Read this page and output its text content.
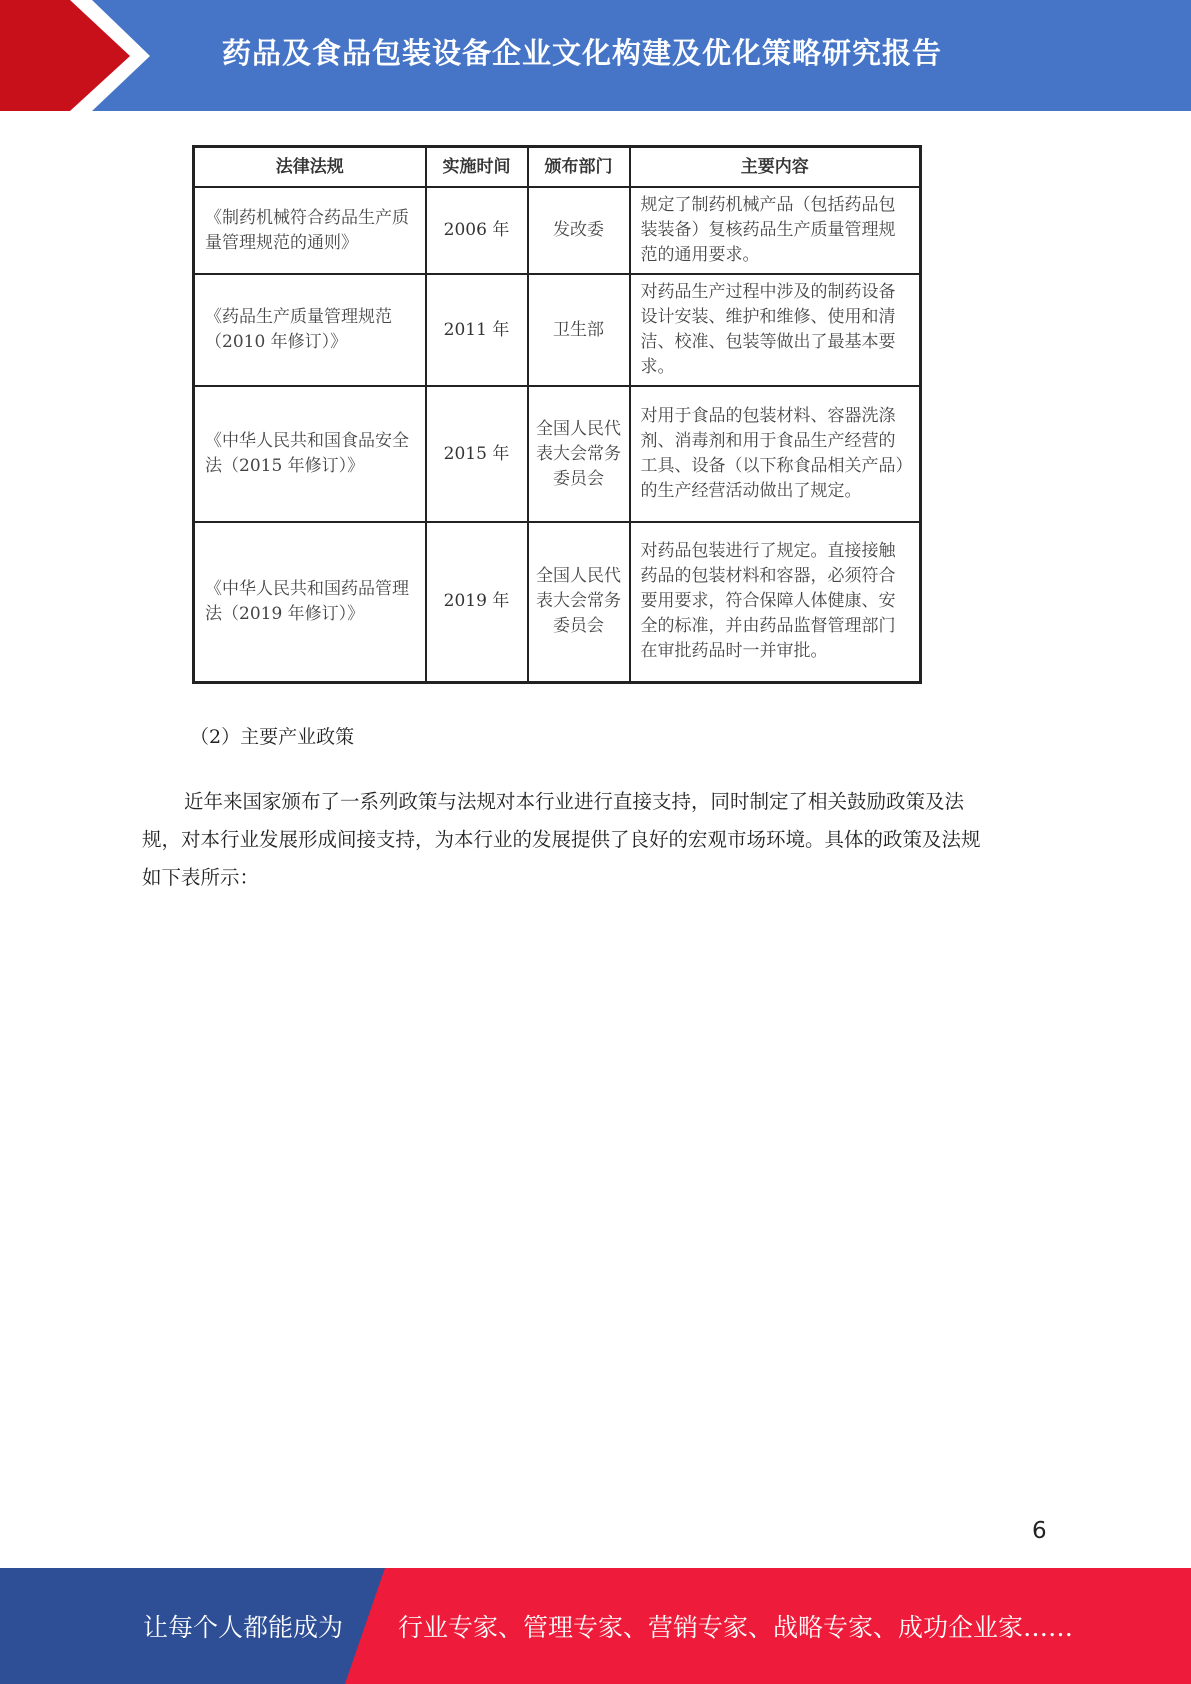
药品及食品包装设备企业文化构建及优化策略研究报告
法律法规	实施时间	颁布部门	主要内容
《制药机械符合药品生产质量管理规范的通则》	2006 年	发改委	规定了制药机械产品（包括药品包装装备）复核药品生产质量管理规范的通用要求。
《药品生产质量管理规范（2010 年修订）》	2011 年	卫生部	对药品生产过程中涉及的制药设备设计安装、维护和维修、使用和清洁、校准、包装等做出了最基本要求。
《中华人民共和国食品安全法（2015 年修订）》	2015 年	全国人民代表大会常务委员会	对用于食品的包装材料、容器洗涤剂、消毒剂和用于食品生产经营的工具、设备（以下称食品相关产品）的生产经营活动做出了规定。
《中华人民共和国药品管理法（2019 年修订）》	2019 年	全国人民代表大会常务委员会	对药品包装进行了规定。直接接触药品的包装材料和容器，必须符合要用要求，符合保障人体健康、安全的标准，并由药品监督管理部门在审批药品时一并审批。
（2）主要产业政策
近年来国家颁布了一系列政策与法规对本行业进行直接支持，同时制定了相关鼓励政策及法
规，对本行业发展形成间接支持，为本行业的发展提供了良好的宏观市场环境。具体的政策及法规
如下表所示：
6
让每个人都能成为 行业专家、管理专家、营销专家、战略专家、成功企业家……
